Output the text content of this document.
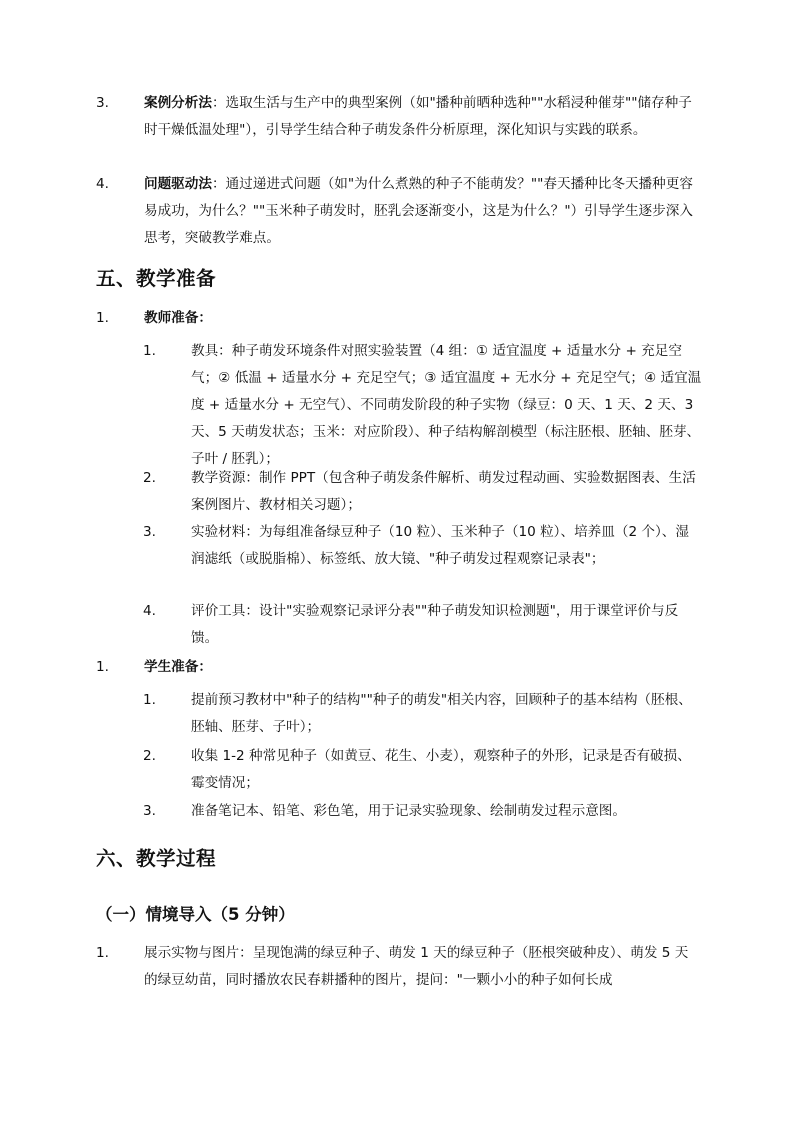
3.	案例分析法：选取生活与生产中的典型案例（如"播种前晒种选种""水稻浸种催芽""储存种子时干燥低温处理"），引导学生结合种子萌发条件分析原理，深化知识与实践的联系。
4.	问题驱动法：通过递进式问题（如"为什么煮熟的种子不能萌发？""春天播种比冬天播种更容易成功，为什么？""玉米种子萌发时，胚乳会逐渐变小，这是为什么？"）引导学生逐步深入思考，突破教学难点。
五、教学准备
1.	教师准备：
1.	教具：种子萌发环境条件对照实验装置（4 组：① 适宜温度 + 适量水分 + 充足空气；② 低温 + 适量水分 + 充足空气；③ 适宜温度 + 无水分 + 充足空气；④ 适宜温度 + 适量水分 + 无空气）、不同萌发阶段的种子实物（绿豆：0 天、1 天、2 天、3 天、5 天萌发状态；玉米：对应阶段）、种子结构解剖模型（标注胚根、胚轴、胚芽、子叶 / 胚乳）；
2.	教学资源：制作 PPT（包含种子萌发条件解析、萌发过程动画、实验数据图表、生活案例图片、教材相关习题）；
3.	实验材料：为每组准备绿豆种子（10 粒）、玉米种子（10 粒）、培养皿（2 个）、湿润滤纸（或脱脂棉）、标签纸、放大镜、"种子萌发过程观察记录表"；
4.	评价工具：设计"实验观察记录评分表""种子萌发知识检测题"，用于课堂评价与反馈。
1.	学生准备：
1.	提前预习教材中"种子的结构""种子的萌发"相关内容，回顾种子的基本结构（胚根、胚轴、胚芽、子叶）；
2.	收集 1-2 种常见种子（如黄豆、花生、小麦），观察种子的外形，记录是否有破损、霉变情况；
3.	准备笔记本、铅笔、彩色笔，用于记录实验现象、绘制萌发过程示意图。
六、教学过程
（一）情境导入（5 分钟）
1.	展示实物与图片：呈现饱满的绿豆种子、萌发 1 天的绿豆种子（胚根突破种皮）、萌发 5 天的绿豆幼苗，同时播放农民春耕播种的图片，提问："一颗小小的种子如何长成
